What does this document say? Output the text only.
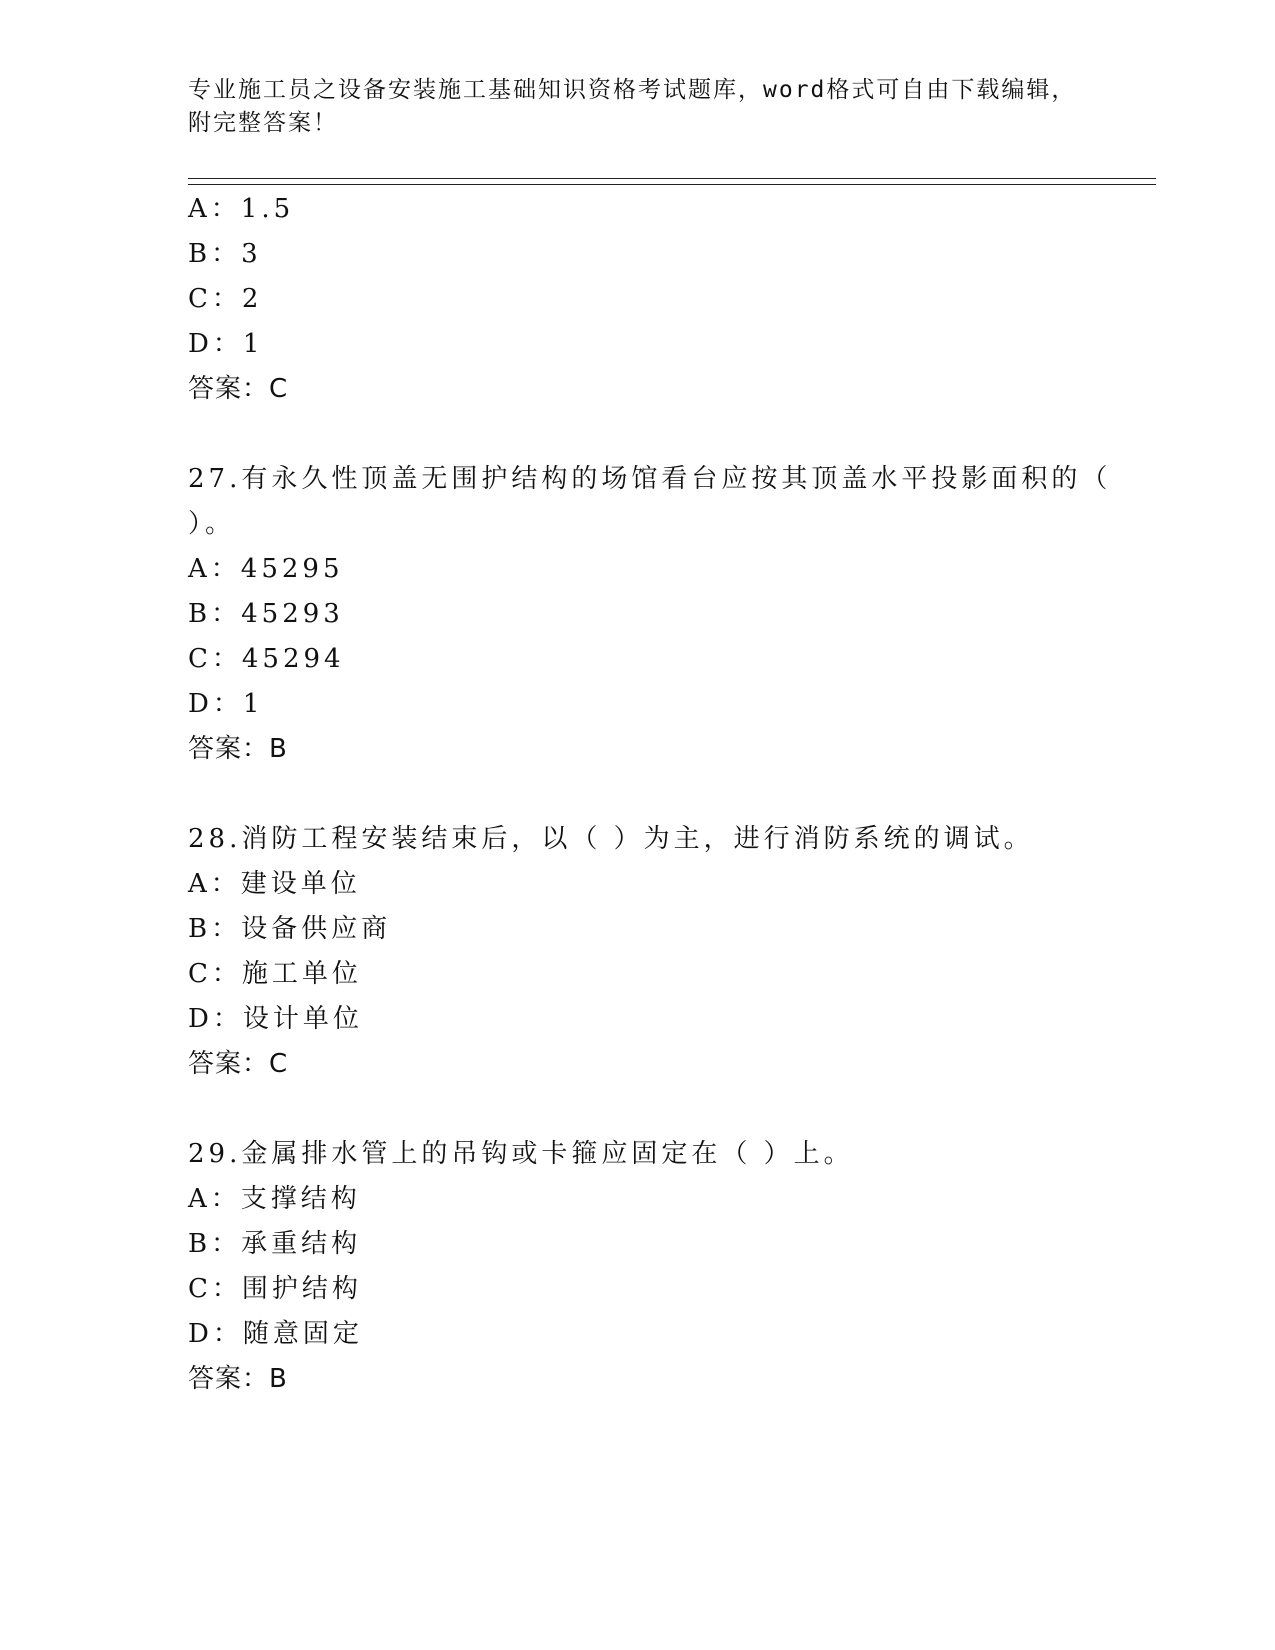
专业施工员之设备安装施工基础知识资格考试题库，word格式可自由下载编辑，
附完整答案！
A：1.5
B：3
C：2
D：1
答案：C
27.有永久性顶盖无围护结构的场馆看台应按其顶盖水平投影面积的（
）。
A：45295
B：45293
C：45294
D：1
答案：B
28.消防工程安装结束后，以（ ）为主，进行消防系统的调试。
A：建设单位
B：设备供应商
C：施工单位
D：设计单位
答案：C
29.金属排水管上的吊钩或卡箍应固定在（ ）上。
A：支撑结构
B：承重结构
C：围护结构
D：随意固定
答案：B
